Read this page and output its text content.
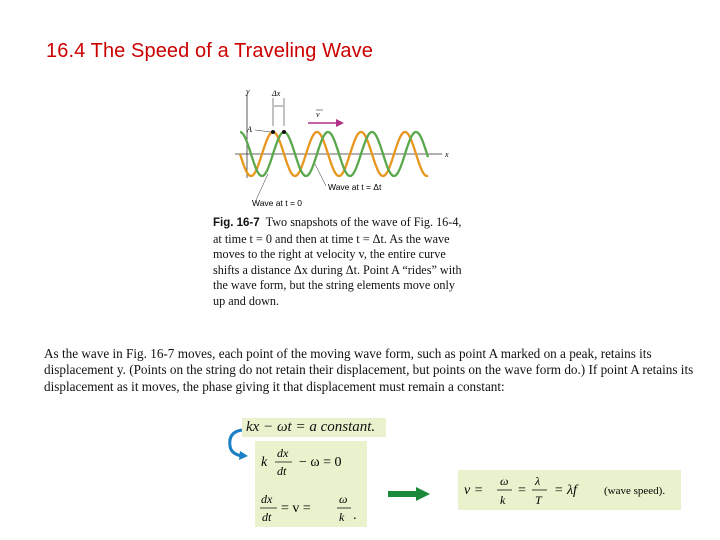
16.4 The Speed of a Traveling Wave
y
x
Δx
A
v
Wave at t = Δt
Wave at t = 0
Fig. 16-7 Two snapshots of the wave of Fig. 16-4, at time t = 0 and then at time t = Δt. As the wave moves to the right at velocity v, the entire curve shifts a distance Δx during Δt. Point A “rides” with the wave form, but the string elements move only up and down.

As the wave in Fig. 16-7 moves, each point of the moving wave form, such as point A marked on a peak, retains its displacement y. (Points on the string do not retain their displacement, but points on the wave form do.) If point A retains its displacement as it moves, the phase giving it that displacement must remain a constant:

kx − ωt = a constant.
k
dx
dt
− ω = 0
dx
dt
= v =
ω
k .
v =
ω
k
=
λ
T
= λf (wave speed).
